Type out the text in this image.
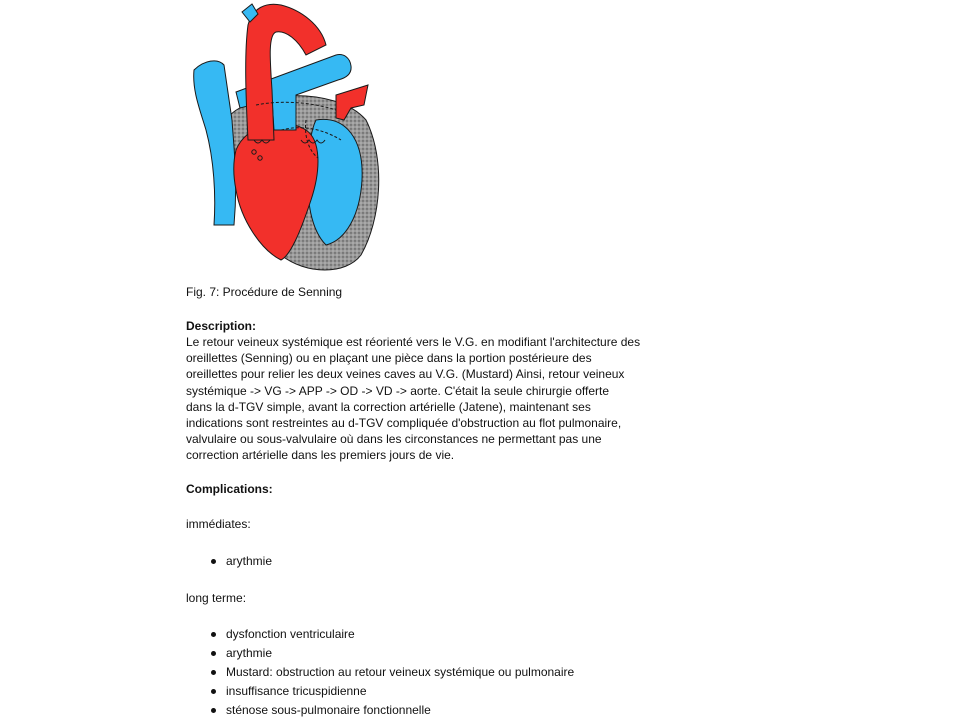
Fig. 7: Procédure de Senning
Description:
Le retour veineux systémique est réorienté vers le V.G. en modifiant l'architecture des
oreillettes (Senning) ou en plaçant une pièce dans la portion postérieure des
oreillettes pour relier les deux veines caves au V.G. (Mustard) Ainsi, retour veineux
systémique -> VG -> APP -> OD -> VD -> aorte. C'était la seule chirurgie offerte
dans la d-TGV simple, avant la correction artérielle (Jatene), maintenant ses
indications sont restreintes au d-TGV compliquée d'obstruction au flot pulmonaire,
valvulaire ou sous-valvulaire où dans les circonstances ne permettant pas une
correction artérielle dans les premiers jours de vie.
Complications:
immédiates:
arythmie
long terme:
dysfonction ventriculaire
arythmie
Mustard: obstruction au retour veineux systémique ou pulmonaire
insuffisance tricuspidienne
sténose sous-pulmonaire fonctionnelle
